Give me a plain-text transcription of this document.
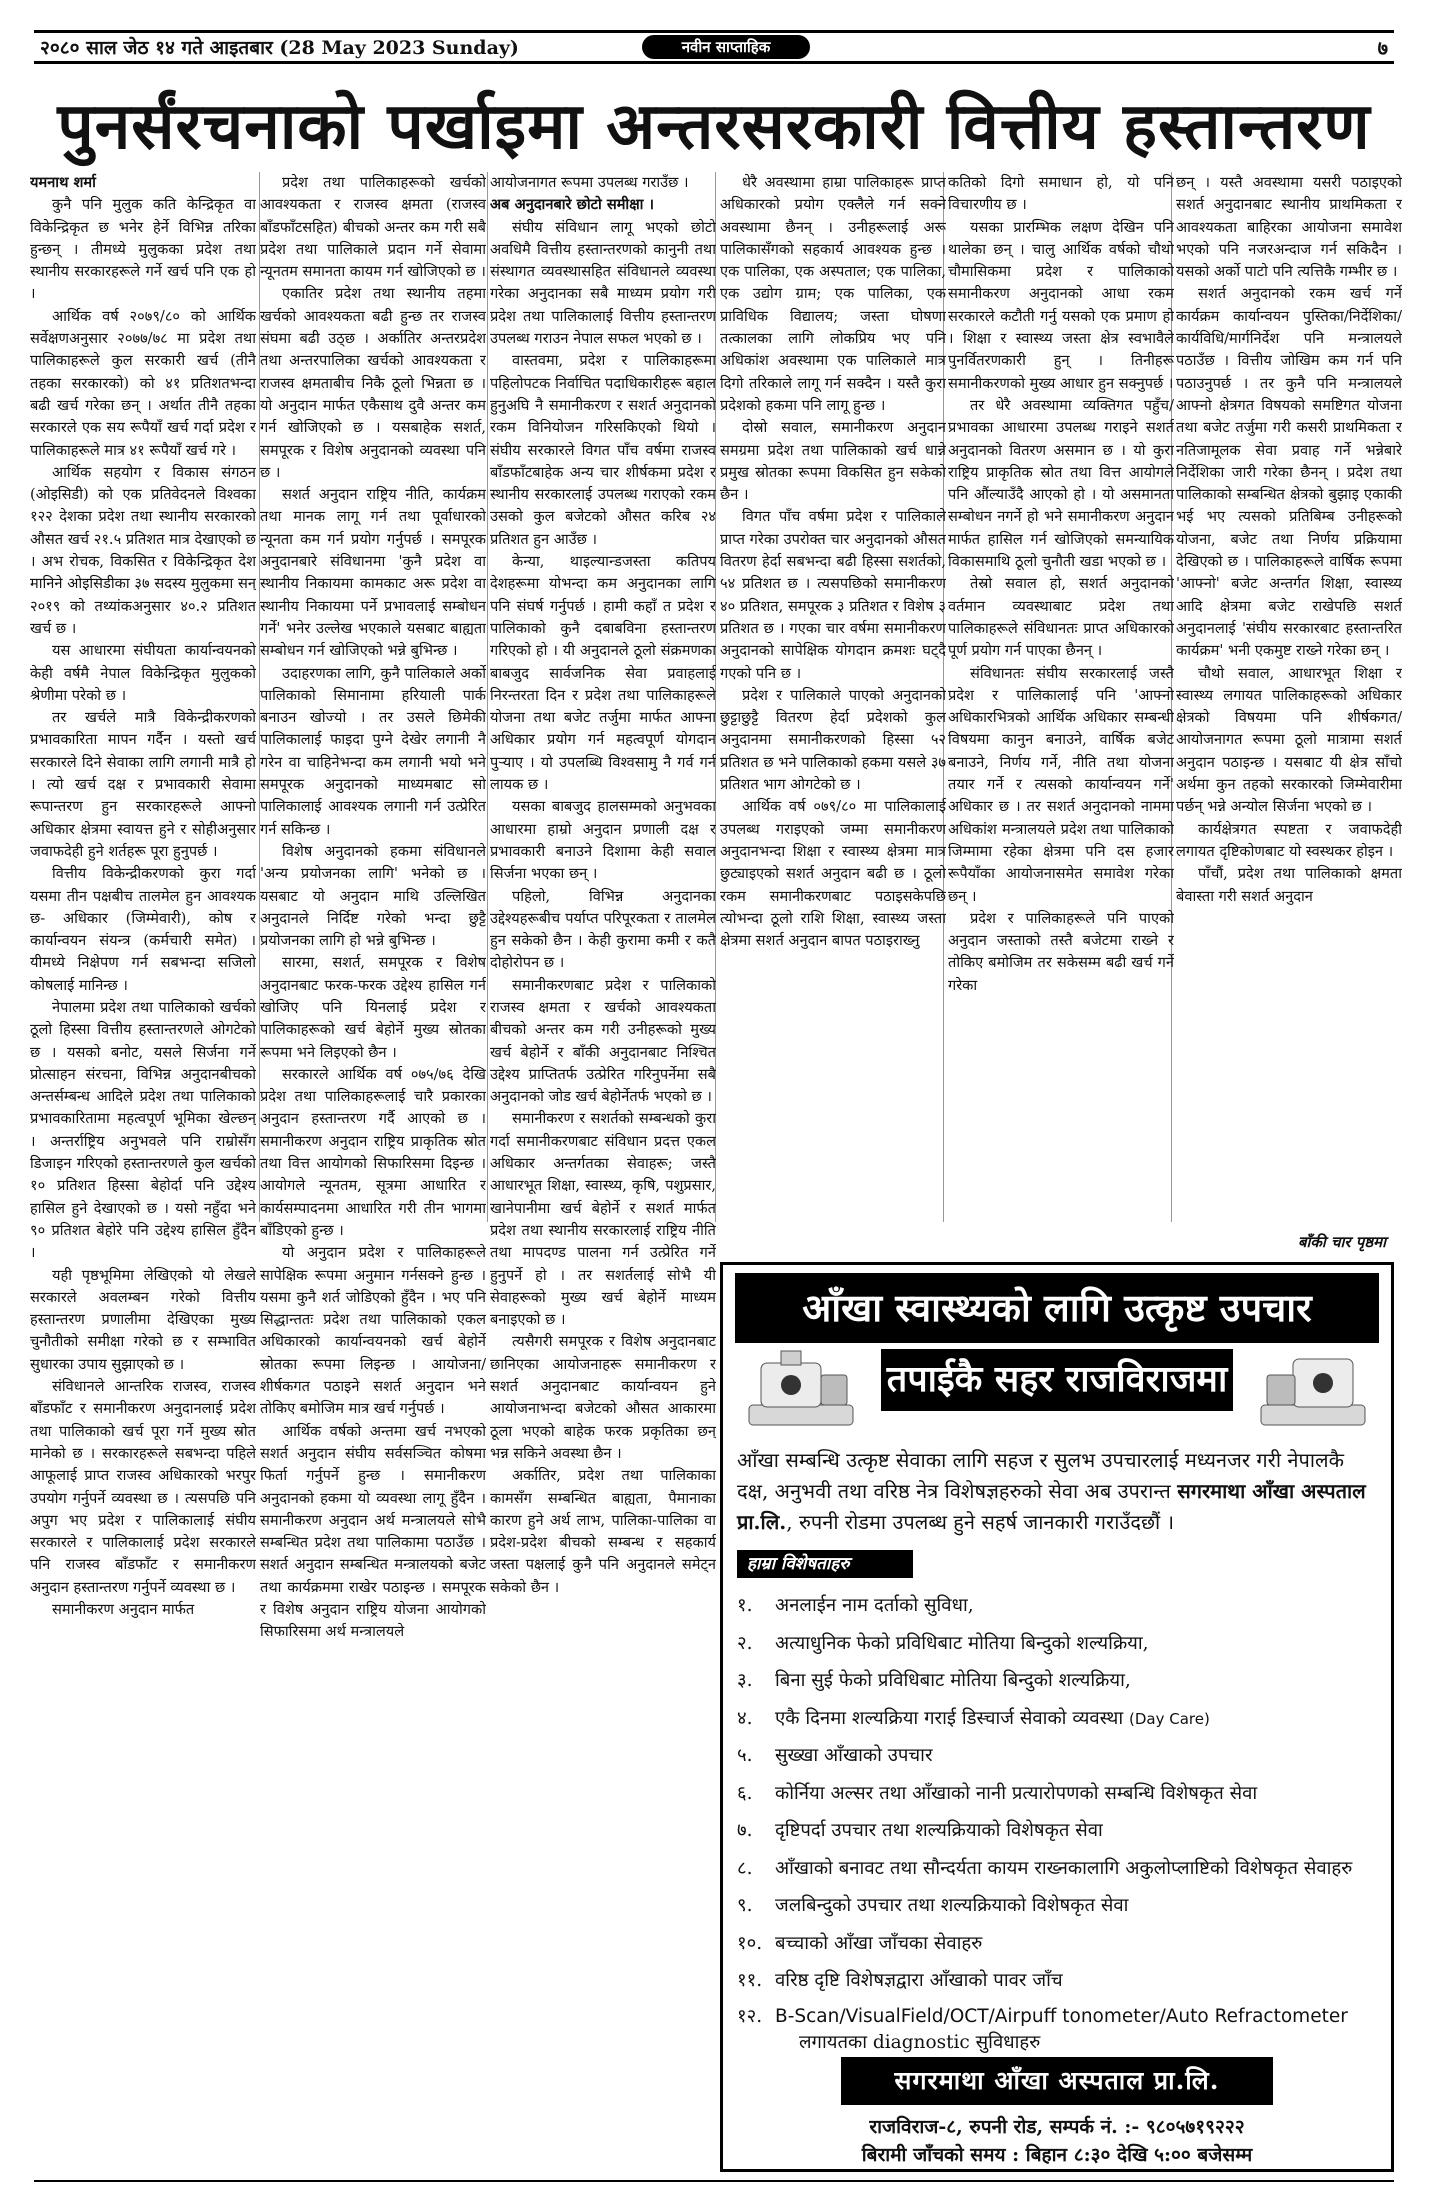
२०८० साल जेठ १४ गते आइतबार (28 May 2023 Sunday)	नवीन साप्ताहिक	७
पुनर्संरचनाको पर्खाइमा अन्तरसरकारी वित्तीय हस्तान्तरण

यमनाथ शर्मा

कुनै पनि मुलुक कति केन्द्रिकृत वा विकेन्द्रिकृत छ भनेर हेर्ने विभिन्न तरिका हुन्छन् । तीमध्ये मुलुकका प्रदेश तथा स्थानीय सरकारहरूले गर्ने खर्च पनि एक हो ।

आर्थिक वर्ष २०७९/८० को आर्थिक सर्वेक्षणअनुसार २०७७/७८ मा प्रदेश तथा पालिकाहरूले कुल सरकारी खर्च (तीनै तहका सरकारको) को ४१ प्रतिशतभन्दा बढी खर्च गरेका छन् । अर्थात तीनै तहका सरकारले एक सय रूपैयाँ खर्च गर्दा प्रदेश र पालिकाहरूले मात्र ४१ रूपैयाँ खर्च गरे ।

आर्थिक सहयोग र विकास संगठन (ओइसिडी) को एक प्रतिवेदनले विश्वका १२२ देशका प्रदेश तथा स्थानीय सरकारको औसत खर्च २१.५ प्रतिशत मात्र देखाएको छ । अभ रोचक, विकसित र विकेन्द्रिकृत देश मानिने ओइसिडीका ३७ सदस्य मुलुकमा सन् २०१९ को तथ्यांकअनुसार ४०.२ प्रतिशत खर्च छ ।

यस आधारमा संघीयता कार्यान्वयनको केही वर्षमै नेपाल विकेन्द्रिकृत मुलुकको श्रेणीमा परेको छ ।

तर खर्चले मात्रै विकेन्द्रीकरणको प्रभावकारिता मापन गर्दैन । यस्तो खर्च सरकारले दिने सेवाका लागि लगानी मात्रै हो । त्यो खर्च दक्ष र प्रभावकारी सेवामा रूपान्तरण हुन सरकारहरूले आफ्नो अधिकार क्षेत्रमा स्वायत्त हुने र सोहीअनुसार जवाफदेही हुने शर्तहरू पूरा हुनुपर्छ ।

वित्तीय विकेन्द्रीकरणको कुरा गर्दा यसमा तीन पक्षबीच तालमेल हुन आवश्यक छ- अधिकार (जिम्मेवारी), कोष र कार्यान्वयन संयन्त्र (कर्मचारी समेत) । यीमध्ये निक्षेपण गर्न सबभन्दा सजिलो कोषलाई मानिन्छ ।

नेपालमा प्रदेश तथा पालिकाको खर्चको ठूलो हिस्सा वित्तीय हस्तान्तरणले ओगटेको छ । यसको बनोट, यसले सिर्जना गर्ने प्रोत्साहन संरचना, विभिन्न अनुदानबीचको अन्तर्सम्बन्ध आदिले प्रदेश तथा पालिकाको प्रभावकारितामा महत्वपूर्ण भूमिका खेल्छन् । अन्तर्राष्ट्रिय अनुभवले पनि राम्रोसँग डिजाइन गरिएको हस्तान्तरणले कुल खर्चको १० प्रतिशत हिस्सा बेहोर्दा पनि उद्देश्य हासिल हुने देखाएको छ । यसो नहुँदा भने ९० प्रतिशत बेहोरे पनि उद्देश्य हासिल हुँदैन ।

यही पृष्ठभूमिमा लेखिएको यो लेखले सरकारले अवलम्बन गरेको वित्तीय हस्तान्तरण प्रणालीमा देखिएका मुख्य चुनौतीको समीक्षा गरेको छ र सम्भावित सुधारका उपाय सुझाएको छ ।

संविधानले आन्तरिक राजस्व, राजस्व बाँडफाँट र समानीकरण अनुदानलाई प्रदेश तथा पालिकाको खर्च पूरा गर्ने मुख्य स्रोत मानेको छ । सरकारहरूले सबभन्दा पहिले आफूलाई प्राप्त राजस्व अधिकारको भरपुर उपयोग गर्नुपर्ने व्यवस्था छ । त्यसपछि पनि अपुग भए प्रदेश र पालिकालाई संघीय सरकारले र पालिकालाई प्रदेश सरकारले पनि राजस्व बाँडफाँट र समानीकरण अनुदान हस्तान्तरण गर्नुपर्ने व्यवस्था छ ।

समानीकरण अनुदान मार्फत

प्रदेश तथा पालिकाहरूको खर्चको आवश्यकता र राजस्व क्षमता (राजस्व बाँडफाँटसहित) बीचको अन्तर कम गरी सबै प्रदेश तथा पालिकाले प्रदान गर्ने सेवामा न्यूनतम समानता कायम गर्न खोजिएको छ ।

एकातिर प्रदेश तथा स्थानीय तहमा खर्चको आवश्यकता बढी हुन्छ तर राजस्व संघमा बढी उठ्छ । अर्कातिर अन्तरप्रदेश तथा अन्तरपालिका खर्चको आवश्यकता र राजस्व क्षमताबीच निकै ठूलो भिन्नता छ । यो अनुदान मार्फत एकैसाथ दुवै अन्तर कम गर्न खोजिएको छ । यसबाहेक सशर्त, समपूरक र विशेष अनुदानको व्यवस्था पनि छ ।

सशर्त अनुदान राष्ट्रिय नीति, कार्यक्रम तथा मानक लागू गर्न तथा पूर्वाधारको न्यूनता कम गर्न प्रयोग गर्नुपर्छ । समपूरक अनुदानबारे संविधानमा 'कुनै प्रदेश वा स्थानीय निकायमा कामकाट अरू प्रदेश वा स्थानीय निकायमा पर्ने प्रभावलाई सम्बोधन गर्ने' भनेर उल्लेख भएकाले यसबाट बाह्यता सम्बोधन गर्न खोजिएको भन्ने बुभिन्छ ।

उदाहरणका लागि, कुनै पालिकाले अर्को पालिकाको सिमानामा हरियाली पार्क बनाउन खोज्यो । तर उसले छिमेकी पालिकालाई फाइदा पुग्ने देखेर लगानी नै गरेन वा चाहिनेभन्दा कम लगानी भयो भने समपूरक अनुदानको माध्यमबाट सो पालिकालाई आवश्यक लगानी गर्न उत्प्रेरित गर्न सकिन्छ ।

विशेष अनुदानको हकमा संविधानले 'अन्य प्रयोजनका लागि' भनेको छ । यसबाट यो अनुदान माथि उल्लिखित अनुदानले निर्दिष्ट गरेको भन्दा छुट्टै प्रयोजनका लागि हो भन्ने बुभिन्छ ।

सारमा, सशर्त, समपूरक र विशेष अनुदानबाट फरक-फरक उद्देश्य हासिल गर्न खोजिए पनि यिनलाई प्रदेश र पालिकाहरूको खर्च बेहोर्ने मुख्य स्रोतका रूपमा भने लिइएको छैन ।

सरकारले आर्थिक वर्ष ०७५/७६ देखि प्रदेश तथा पालिकाहरूलाई चारै प्रकारका अनुदान हस्तान्तरण गर्दै आएको छ । समानीकरण अनुदान राष्ट्रिय प्राकृतिक स्रोत तथा वित्त आयोगको सिफारिसमा दिइन्छ । आयोगले न्यूनतम, सूत्रमा आधारित र कार्यसम्पादनमा आधारित गरी तीन भागमा बाँडिएको हुन्छ ।

यो अनुदान प्रदेश र पालिकाहरूले सापेक्षिक रूपमा अनुमान गर्नसक्ने हुन्छ । यसमा कुनै शर्त जोडिएको हुँदैन । भए पनि सिद्धान्ततः प्रदेश तथा पालिकाको एकल अधिकारको कार्यान्वयनको खर्च बेहोर्ने स्रोतका रूपमा लिइन्छ । आयोजना/शीर्षकगत पठाइने सशर्त अनुदान भने तोकिए बमोजिम मात्र खर्च गर्नुपर्छ ।

आर्थिक वर्षको अन्तमा खर्च नभएको सशर्त अनुदान संघीय सर्वसञ्चित कोषमा फिर्ता गर्नुपर्ने हुन्छ । समानीकरण अनुदानको हकमा यो व्यवस्था लागू हुँदैन । समानीकरण अनुदान अर्थ मन्त्रालयले सोभै सम्बन्धित प्रदेश तथा पालिकामा पठाउँछ । सशर्त अनुदान सम्बन्धित मन्त्रालयको बजेट तथा कार्यक्रममा राखेर पठाइन्छ । समपूरक र विशेष अनुदान राष्ट्रिय योजना आयोगको सिफारिसमा अर्थ मन्त्रालयले

आयोजनागत रूपमा उपलब्ध गराउँछ ।

अब अनुदानबारे छोटो समीक्षा ।

संघीय संविधान लागू भएको छोटो अवधिमै वित्तीय हस्तान्तरणको कानुनी तथा संस्थागत व्यवस्थासहित संविधानले व्यवस्था गरेका अनुदानका सबै माध्यम प्रयोग गरी प्रदेश तथा पालिकालाई वित्तीय हस्तान्तरण उपलब्ध गराउन नेपाल सफल भएको छ ।

वास्तवमा, प्रदेश र पालिकाहरूमा पहिलोपटक निर्वाचित पदाधिकारीहरू बहाल हुनुअघि नै समानीकरण र सशर्त अनुदानको रकम विनियोजन गरिसकिएको थियो । संघीय सरकारले विगत पाँच वर्षमा राजस्व बाँडफाँटबाहेक अन्य चार शीर्षकमा प्रदेश र स्थानीय सरकारलाई उपलब्ध गराएको रकम उसको कुल बजेटको औसत करिब २४ प्रतिशत हुन आउँछ ।

केन्या, थाइल्यान्डजस्ता कतिपय देशहरूमा योभन्दा कम अनुदानका लागि पनि संघर्ष गर्नुपर्छ । हामी कहाँ त प्रदेश र पालिकाको कुनै दबाबविना हस्तान्तरण गरिएको हो । यी अनुदानले ठूलो संक्रमणका बाबजुद सार्वजनिक सेवा प्रवाहलाई निरन्तरता दिन र प्रदेश तथा पालिकाहरूले योजना तथा बजेट तर्जुमा मार्फत आफ्ना अधिकार प्रयोग गर्न महत्वपूर्ण योगदान पुऱ्याए । यो उपलब्धि विश्वसामु नै गर्व गर्न लायक छ ।

यसका बाबजुद हालसम्मको अनुभवका आधारमा हाम्रो अनुदान प्रणाली दक्ष र प्रभावकारी बनाउने दिशामा केही सवाल सिर्जना भएका छन् ।

पहिलो, विभिन्न अनुदानका उद्देश्यहरूबीच पर्याप्त परिपूरकता र तालमेल हुन सकेको छैन । केही कुरामा कमी र कतै दोहोरोपन छ ।

समानीकरणबाट प्रदेश र पालिकाको राजस्व क्षमता र खर्चको आवश्यकता बीचको अन्तर कम गरी उनीहरूको मुख्य खर्च बेहोर्ने र बाँकी अनुदानबाट निश्चित उद्देश्य प्राप्तितर्फ उत्प्रेरित गरिनुपर्नेमा सबै अनुदानको जोड खर्च बेहोर्नेतर्फ भएको छ ।

समानीकरण र सशर्तको सम्बन्धको कुरा गर्दा समानीकरणबाट संविधान प्रदत्त एकल अधिकार अन्तर्गतका सेवाहरू; जस्तै आधारभूत शिक्षा, स्वास्थ्य, कृषि, पशुप्रसार, खानेपानीमा खर्च बेहोर्ने र सशर्त मार्फत प्रदेश तथा स्थानीय सरकारलाई राष्ट्रिय नीति तथा मापदण्ड पालना गर्न उत्प्रेरित गर्ने हुनुपर्ने हो । तर सशर्तलाई सोभै यी सेवाहरूको मुख्य खर्च बेहोर्ने माध्यम बनाइएको छ ।

त्यसैगरी समपूरक र विशेष अनुदानबाट छानिएका आयोजनाहरू समानीकरण र सशर्त अनुदानबाट कार्यान्वयन हुने आयोजनाभन्दा बजेटको औसत आकारमा ठूला भएको बाहेक फरक प्रकृतिका छन् भन्न सकिने अवस्था छैन ।

अर्कातिर, प्रदेश तथा पालिकाका कामसँग सम्बन्धित बाह्यता, पैमानाका कारण हुने अर्थ लाभ, पालिका-पालिका वा प्रदेश-प्रदेश बीचको सम्बन्ध र सहकार्य जस्ता पक्षलाई कुनै पनि अनुदानले समेट्न सकेको छैन ।

धेरै अवस्थामा हाम्रा पालिकाहरू प्राप्त अधिकारको प्रयोग एक्लैले गर्न सक्ने अवस्थामा छैनन् । उनीहरूलाई अरू पालिकासँगको सहकार्य आवश्यक हुन्छ । एक पालिका, एक अस्पताल; एक पालिका, एक उद्योग ग्राम; एक पालिका, एक प्राविधिक विद्यालय; जस्ता घोषणा तत्कालका लागि लोकप्रिय भए पनि अधिकांश अवस्थामा एक पालिकाले मात्र दिगो तरिकाले लागू गर्न सक्दैन । यस्तै कुरा प्रदेशको हकमा पनि लागू हुन्छ ।

दोस्रो सवाल, समानीकरण अनुदान समग्रमा प्रदेश तथा पालिकाको खर्च धान्ने प्रमुख स्रोतका रूपमा विकसित हुन सकेको छैन ।

विगत पाँच वर्षमा प्रदेश र पालिकाले प्राप्त गरेका उपरोक्त चार अनुदानको औसत वितरण हेर्दा सबभन्दा बढी हिस्सा सशर्तको, ५४ प्रतिशत छ । त्यसपछिको समानीकरण ४० प्रतिशत, समपूरक ३ प्रतिशत र विशेष ३ प्रतिशत छ । गएका चार वर्षमा समानीकरण अनुदानको सापेक्षिक योगदान क्रमशः घट्दै गएको पनि छ ।

प्रदेश र पालिकाले पाएको अनुदानको छुट्टाछुट्टै वितरण हेर्दा प्रदेशको कुल अनुदानमा समानीकरणको हिस्सा ५२ प्रतिशत छ भने पालिकाको हकमा यसले ३७ प्रतिशत भाग ओगटेको छ ।

आर्थिक वर्ष ०७९/८० मा पालिकालाई उपलब्ध गराइएको जम्मा समानीकरण अनुदानभन्दा शिक्षा र स्वास्थ्य क्षेत्रमा मात्र छुट्याइएको सशर्त अनुदान बढी छ । ठूलो रकम समानीकरणबाट पठाइसकेपछि त्योभन्दा ठूलो राशि शिक्षा, स्वास्थ्य जस्ता क्षेत्रमा सशर्त अनुदान बापत पठाइराख्नु

कतिको दिगो समाधान हो, यो पनि विचारणीय छ ।

यसका प्रारम्भिक लक्षण देखिन पनि थालेका छन् । चालु आर्थिक वर्षको चौथो चौमासिकमा प्रदेश र पालिकाको समानीकरण अनुदानको आधा रकम सरकारले कटौती गर्नु यसको एक प्रमाण हो । शिक्षा र स्वास्थ्य जस्ता क्षेत्र स्वभावैले पुनर्वितरणकारी हुन् । तिनीहरू समानीकरणको मुख्य आधार हुन सक्नुपर्छ ।

तर धेरै अवस्थामा व्यक्तिगत पहुँच/प्रभावका आधारमा उपलब्ध गराइने सशर्त अनुदानको वितरण असमान छ । यो कुरा राष्ट्रिय प्राकृतिक स्रोत तथा वित्त आयोगले पनि औंल्याउँदै आएको हो । यो असमानता सम्बोधन नगर्ने हो भने समानीकरण अनुदान मार्फत हासिल गर्न खोजिएको समन्यायिक विकासमाथि ठूलो चुनौती खडा भएको छ ।

तेस्रो सवाल हो, सशर्त अनुदानको वर्तमान व्यवस्थाबाट प्रदेश तथा पालिकाहरूले संविधानतः प्राप्त अधिकारको पूर्ण प्रयोग गर्न पाएका छैनन् ।

संविधानतः संघीय सरकारलाई जस्तै प्रदेश र पालिकालाई पनि 'आफ्नो अधिकारभित्रको आर्थिक अधिकार सम्बन्धी विषयमा कानुन बनाउने, वार्षिक बजेट बनाउने, निर्णय गर्ने, नीति तथा योजना तयार गर्ने र त्यसको कार्यान्वयन गर्ने' अधिकार छ । तर सशर्त अनुदानको नाममा अधिकांश मन्त्रालयले प्रदेश तथा पालिकाको जिम्मामा रहेका क्षेत्रमा पनि दस हजार रूपैयाँका आयोजनासमेत समावेश गरेका छन् ।

प्रदेश र पालिकाहरूले पनि पाएको अनुदान जस्ताको तस्तै बजेटमा राख्ने र तोकिए बमोजिम तर सकेसम्म बढी खर्च गर्ने गरेका

छन् । यस्तै अवस्थामा यसरी पठाइएको सशर्त अनुदानबाट स्थानीय प्राथमिकता र आवश्यकता बाहिरका आयोजना समावेश भएको पनि नजरअन्दाज गर्न सकिदैन । यसको अर्को पाटो पनि त्यत्तिकै गम्भीर छ ।

सशर्त अनुदानको रकम खर्च गर्ने कार्यक्रम कार्यान्वयन पुस्तिका/निर्देशिका/कार्यविधि/मार्गनिर्देश पनि मन्त्रालयले पठाउँछ । वित्तीय जोखिम कम गर्न पनि पठाउनुपर्छ । तर कुनै पनि मन्त्रालयले आफ्नो क्षेत्रगत विषयको समष्टिगत योजना तथा बजेट तर्जुमा गरी कसरी प्राथमिकता र नतिजामूलक सेवा प्रवाह गर्ने भन्नेबारे निर्देशिका जारी गरेका छैनन् । प्रदेश तथा पालिकाको सम्बन्धित क्षेत्रको बुझाइ एकाकी भई भए त्यसको प्रतिबिम्ब उनीहरूको योजना, बजेट तथा निर्णय प्रक्रियामा देखिएको छ । पालिकाहरूले वार्षिक रूपमा 'आफ्नो' बजेट अन्तर्गत शिक्षा, स्वास्थ्य आदि क्षेत्रमा बजेट राखेपछि सशर्त अनुदानलाई 'संघीय सरकारबाट हस्तान्तरित कार्यक्रम' भनी एकमुष्ट राख्ने गरेका छन् ।

चौथो सवाल, आधारभूत शिक्षा र स्वास्थ्य लगायत पालिकाहरूको अधिकार क्षेत्रको विषयमा पनि शीर्षकगत/आयोजनागत रूपमा ठूलो मात्रामा सशर्त अनुदान पठाइन्छ । यसबाट यी क्षेत्र साँचो अर्थमा कुन तहको सरकारको जिम्मेवारीमा पर्छन् भन्ने अन्योल सिर्जना भएको छ ।

कार्यक्षेत्रगत स्पष्टता र जवाफदेही लगायत दृष्टिकोणबाट यो स्वस्थकर होइन ।

पाँचौं, प्रदेश तथा पालिकाको क्षमता बेवास्ता गरी सशर्त अनुदान

बाँकी चार पृष्ठमा
आँखा स्वास्थ्यको लागि उत्कृष्ट उपचार
तपाईकै सहर राजविराजमा

आँखा सम्बन्धि उत्कृष्ट सेवाका लागि सहज र सुलभ उपचारलाई मध्यनजर गरी नेपालकै दक्ष, अनुभवी तथा वरिष्ठ नेत्र विशेषज्ञहरुको सेवा अब उपरान्त सगरमाथा आँखा अस्पताल प्रा.लि., रुपनी रोडमा उपलब्ध हुने सहर्ष जानकारी गराउँदछौं ।

हाम्रा विशेषताहरु
१.	अनलाईन नाम दर्ताको सुविधा,
२.	अत्याधुनिक फेको प्रविधिबाट मोतिया बिन्दुको शल्यक्रिया,
३.	बिना सुई फेको प्रविधिबाट मोतिया बिन्दुको शल्यक्रिया,
४.	एकै दिनमा शल्यक्रिया गराई डिस्चार्ज सेवाको व्यवस्था (Day Care)
५.	सुख्खा आँखाको उपचार
६.	कोर्निया अल्सर तथा आँखाको नानी प्रत्यारोपणको सम्बन्धि विशेषकृत सेवा
७.	दृष्टिपर्दा उपचार तथा शल्यक्रियाको विशेषकृत सेवा
८.	आँखाको बनावट तथा सौन्दर्यता कायम राख्नकालागि अकुलोप्लाष्टिको विशेषकृत सेवाहरु
९.	जलबिन्दुको उपचार तथा शल्यक्रियाको विशेषकृत सेवा
१०. बच्चाको आँखा जाँचका सेवाहरु
११. वरिष्ठ दृष्टि विशेषज्ञद्वारा आँखाको पावर जाँच
१२. B-Scan/VisualField/OCT/Airpuff tonometer/Auto Refractometer
लगायतका diagnostic सुविधाहरु
सगरमाथा आँखा अस्पताल प्रा.लि.
राजविराज-८, रुपनी रोड, सम्पर्क नं. :- ९८०५७१९२२२
बिरामी जाँचको समय : बिहान ८:३० देखि ५:०० बजेसम्म
